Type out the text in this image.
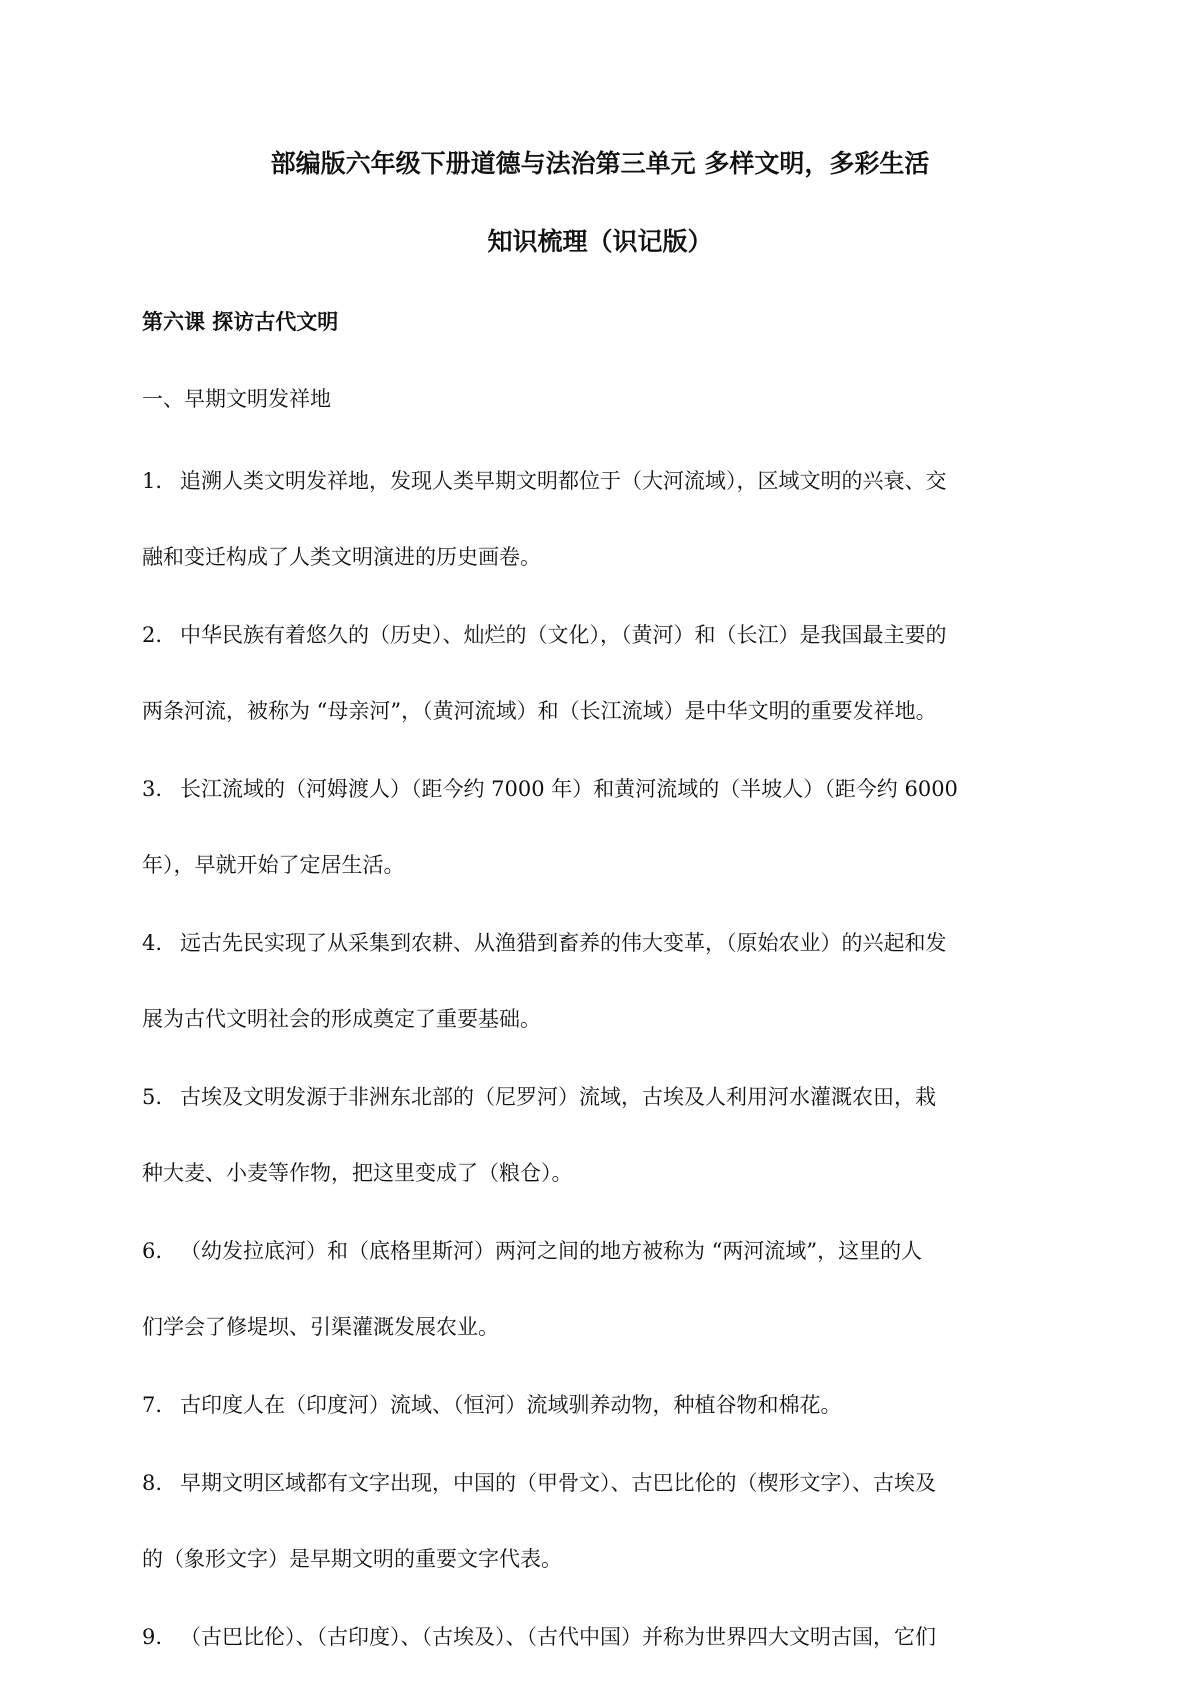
部编版六年级下册道德与法治第三单元 多样文明，多彩生活
知识梳理（识记版）
第六课 探访古代文明
一、早期文明发祥地
1. 追溯人类文明发祥地，发现人类早期文明都位于（大河流域），区域文明的兴衰、交
融和变迁构成了人类文明演进的历史画卷。
2. 中华民族有着悠久的（历史）、灿烂的（文化），（黄河）和（长江）是我国最主要的
两条河流，被称为 “母亲河”，（黄河流域）和（长江流域）是中华文明的重要发祥地。
3. 长江流域的（河姆渡人）（距今约 7000 年）和黄河流域的（半坡人）（距今约 6000
年），早就开始了定居生活。
4. 远古先民实现了从采集到农耕、从渔猎到畜养的伟大变革，（原始农业）的兴起和发
展为古代文明社会的形成奠定了重要基础。
5. 古埃及文明发源于非洲东北部的（尼罗河）流域，古埃及人利用河水灌溉农田，栽
种大麦、小麦等作物，把这里变成了（粮仓）。
6. （幼发拉底河）和（底格里斯河）两河之间的地方被称为 “两河流域”，这里的人
们学会了修堤坝、引渠灌溉发展农业。
7. 古印度人在（印度河）流域、（恒河）流域驯养动物，种植谷物和棉花。
8. 早期文明区域都有文字出现，中国的（甲骨文）、古巴比伦的（楔形文字）、古埃及
的（象形文字）是早期文明的重要文字代表。
9. （古巴比伦）、（古印度）、（古埃及）、（古代中国）并称为世界四大文明古国，它们
